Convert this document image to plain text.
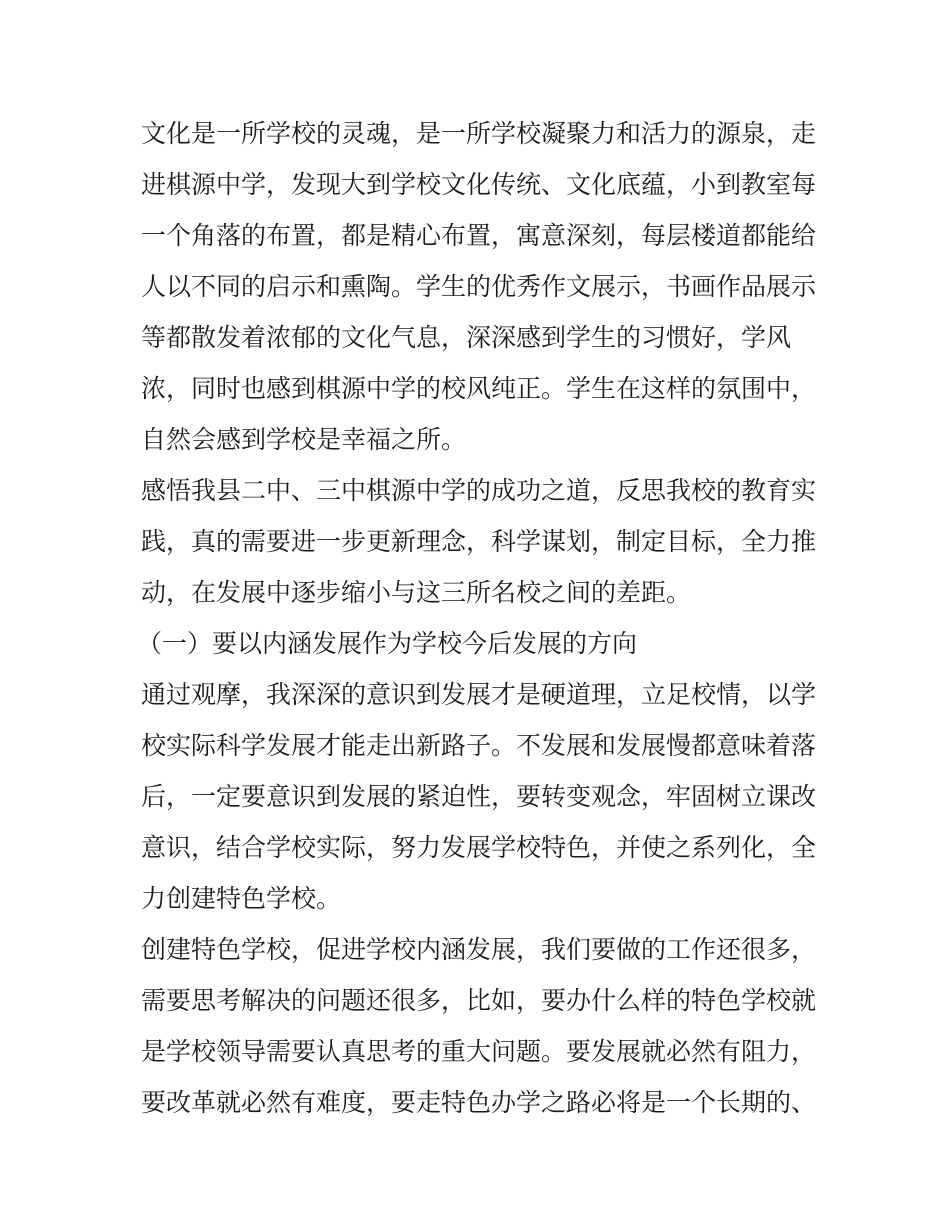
文化是一所学校的灵魂，是一所学校凝聚力和活力的源泉，走
进棋源中学，发现大到学校文化传统、文化底蕴，小到教室每
一个角落的布置，都是精心布置，寓意深刻，每层楼道都能给
人以不同的启示和熏陶。学生的优秀作文展示，书画作品展示
等都散发着浓郁的文化气息，深深感到学生的习惯好，学风
浓，同时也感到棋源中学的校风纯正。学生在这样的氛围中，
自然会感到学校是幸福之所。
感悟我县二中、三中棋源中学的成功之道，反思我校的教育实
践，真的需要进一步更新理念，科学谋划，制定目标，全力推
动，在发展中逐步缩小与这三所名校之间的差距。
（一）要以内涵发展作为学校今后发展的方向
通过观摩，我深深的意识到发展才是硬道理，立足校情，以学
校实际科学发展才能走出新路子。不发展和发展慢都意味着落
后，一定要意识到发展的紧迫性，要转变观念，牢固树立课改
意识，结合学校实际，努力发展学校特色，并使之系列化，全
力创建特色学校。
创建特色学校，促进学校内涵发展，我们要做的工作还很多，
需要思考解决的问题还很多，比如，要办什么样的特色学校就
是学校领导需要认真思考的重大问题。要发展就必然有阻力，
要改革就必然有难度，要走特色办学之路必将是一个长期的、
